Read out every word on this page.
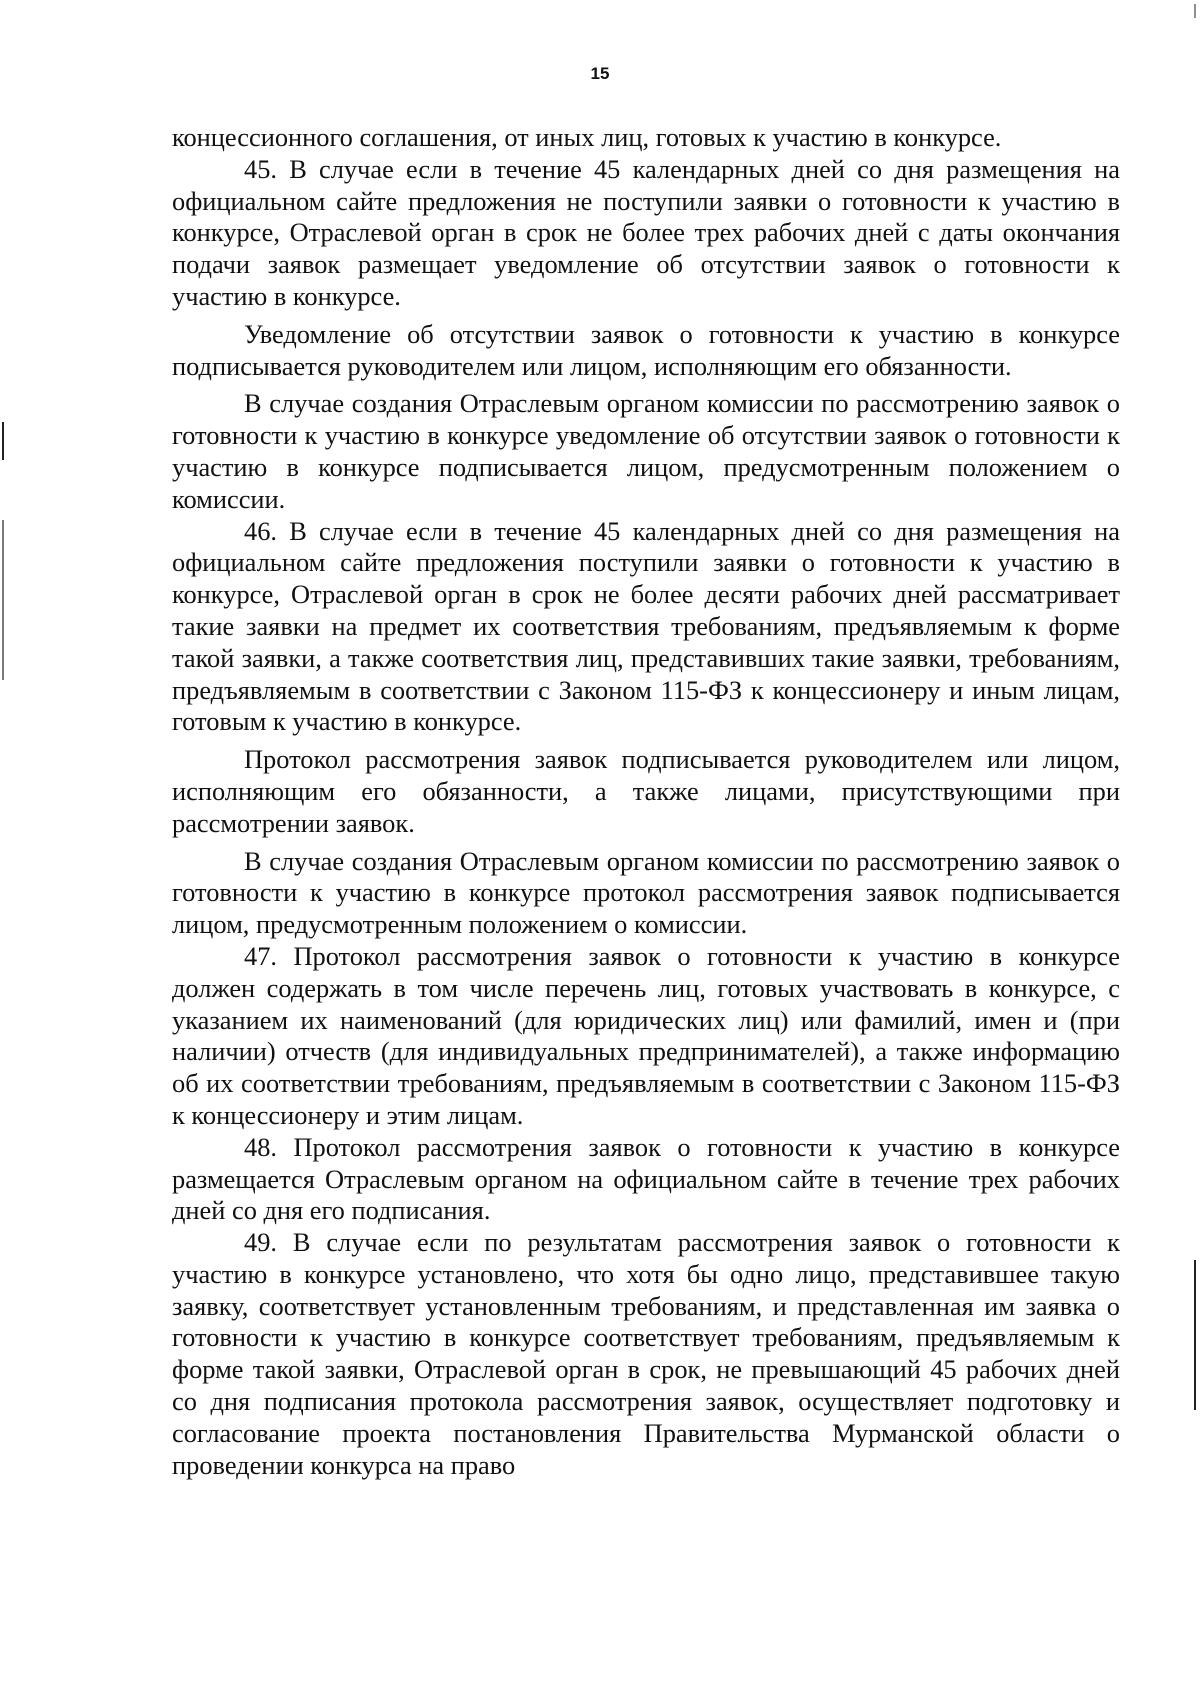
15

концессионного соглашения, от иных лиц, готовых к участию в конкурсе.

45. В случае если в течение 45 календарных дней со дня размещения на официальном сайте предложения не поступили заявки о готовности к участию в конкурсе, Отраслевой орган в срок не более трех рабочих дней с даты окончания подачи заявок размещает уведомление об отсутствии заявок о готовности к участию в конкурсе.

Уведомление об отсутствии заявок о готовности к участию в конкурсе подписывается руководителем или лицом, исполняющим его обязанности.

В случае создания Отраслевым органом комиссии по рассмотрению заявок о готовности к участию в конкурсе уведомление об отсутствии заявок о готовности к участию в конкурсе подписывается лицом, предусмотренным положением о комиссии.

46. В случае если в течение 45 календарных дней со дня размещения на официальном сайте предложения поступили заявки о готовности к участию в конкурсе, Отраслевой орган в срок не более десяти рабочих дней рассматривает такие заявки на предмет их соответствия требованиям, предъявляемым к форме такой заявки, а также соответствия лиц, представивших такие заявки, требованиям, предъявляемым в соответствии с Законом 115-ФЗ к концессионеру и иным лицам, готовым к участию в конкурсе.

Протокол рассмотрения заявок подписывается руководителем или лицом, исполняющим его обязанности, а также лицами, присутствующими при рассмотрении заявок.

В случае создания Отраслевым органом комиссии по рассмотрению заявок о готовности к участию в конкурсе протокол рассмотрения заявок подписывается лицом, предусмотренным положением о комиссии.

47. Протокол рассмотрения заявок о готовности к участию в конкурсе должен содержать в том числе перечень лиц, готовых участвовать в конкурсе, с указанием их наименований (для юридических лиц) или фамилий, имен и (при наличии) отчеств (для индивидуальных предпринимателей), а также информацию об их соответствии требованиям, предъявляемым в соответствии с Законом 115-ФЗ к концессионеру и этим лицам.

48. Протокол рассмотрения заявок о готовности к участию в конкурсе размещается Отраслевым органом на официальном сайте в течение трех рабочих дней со дня его подписания.

49. В случае если по результатам рассмотрения заявок о готовности к участию в конкурсе установлено, что хотя бы одно лицо, представившее такую заявку, соответствует установленным требованиям, и представленная им заявка о готовности к участию в конкурсе соответствует требованиям, предъявляемым к форме такой заявки, Отраслевой орган в срок, не превышающий 45 рабочих дней со дня подписания протокола рассмотрения заявок, осуществляет подготовку и согласование проекта постановления Правительства Мурманской области о проведении конкурса на право
